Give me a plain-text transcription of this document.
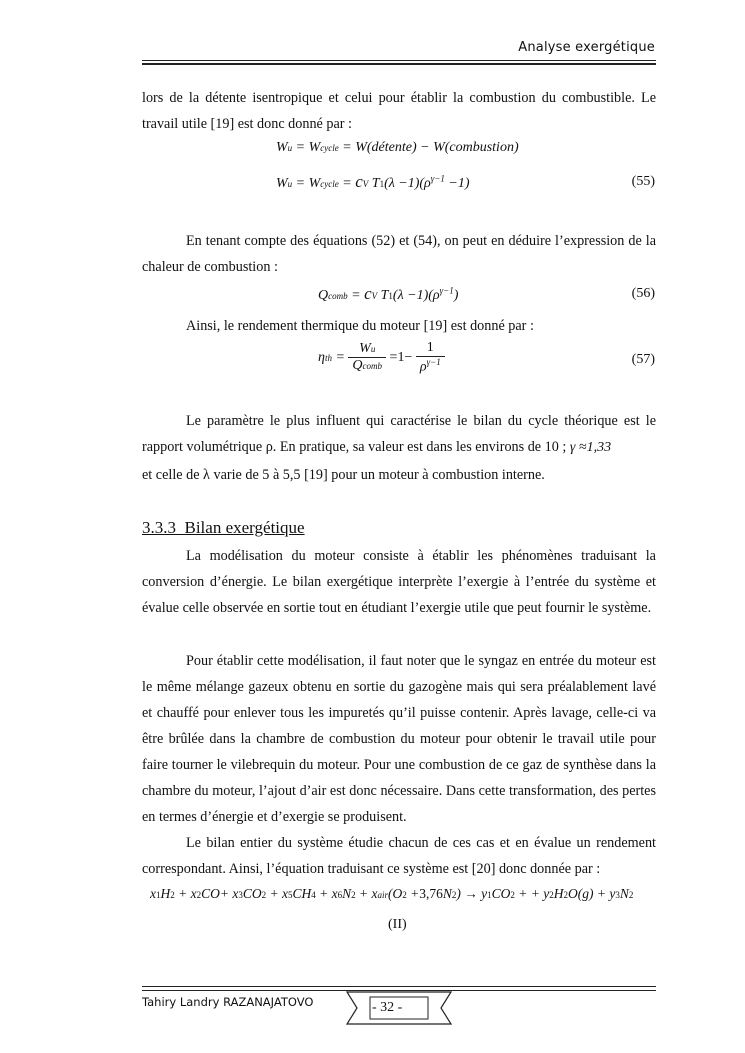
Analyse exergétique
lors de la détente isentropique et celui pour établir la combustion du combustible. Le travail utile [19] est donc donné par :
Wu = Wcycle = W(détente) − W(combustion)
Wu = Wcycle = cV $T1(\lambda -1)(\rho^{\gamma-1} -1)$	(55)
En tenant compte des équations (52) et (54), on peut en déduire l’expression de la chaleur de combustion :
Qcomb = cV $T1(\lambda -1)(\rho^{\gamma-1})$	(56)
Ainsi, le rendement thermique du moteur [19] est donné par :
$\eta th = \frac{Wu}{\text{Qcomb}} =1- \frac{1}{\rho^{\gamma-1}}$	(57)
Le paramètre le plus influent qui caractérise le bilan du cycle théorique est le rapport volumétrique ρ. En pratique, sa valeur est dans les environs de 10 ; γ ≈1,33
et celle de λ varie de 5 à 5,5 [19] pour un moteur à combustion interne.
3.3.3 Bilan exergétique
La modélisation du moteur consiste à établir les phénomènes traduisant la conversion d’énergie. Le bilan exergétique interprète l’exergie à l’entrée du système et évalue celle observée en sortie tout en étudiant l’exergie utile que peut fournir le système.
Pour établir cette modélisation, il faut noter que le syngaz en entrée du moteur est le même mélange gazeux obtenu en sortie du gazogène mais qui sera préalablement lavé et chauffé pour enlever tous les impuretés qu’il puisse contenir. Après lavage, celle-ci va être brûlée dans la chambre de combustion du moteur pour obtenir le travail utile pour faire tourner le vilebrequin du moteur. Pour une combustion de ce gaz de synthèse dans la chambre du moteur, l’ajout d’air est donc nécessaire. Dans cette transformation, des pertes en termes d’énergie et d’exergie se produisent.
Le bilan entier du système étudie chacun de ces cas et en évalue un rendement correspondant. Ainsi, l’équation traduisant ce système est [20] donc donnée par :
x1H2 + x2CO+ x3CO2 + x5CH4 + x6N2 + xair(O2 +3,76N2) → y1CO2 + + y2H2O(g) + y3N2
(II)
Tahiry Landry RAZANAJATOVO	- 32 -
